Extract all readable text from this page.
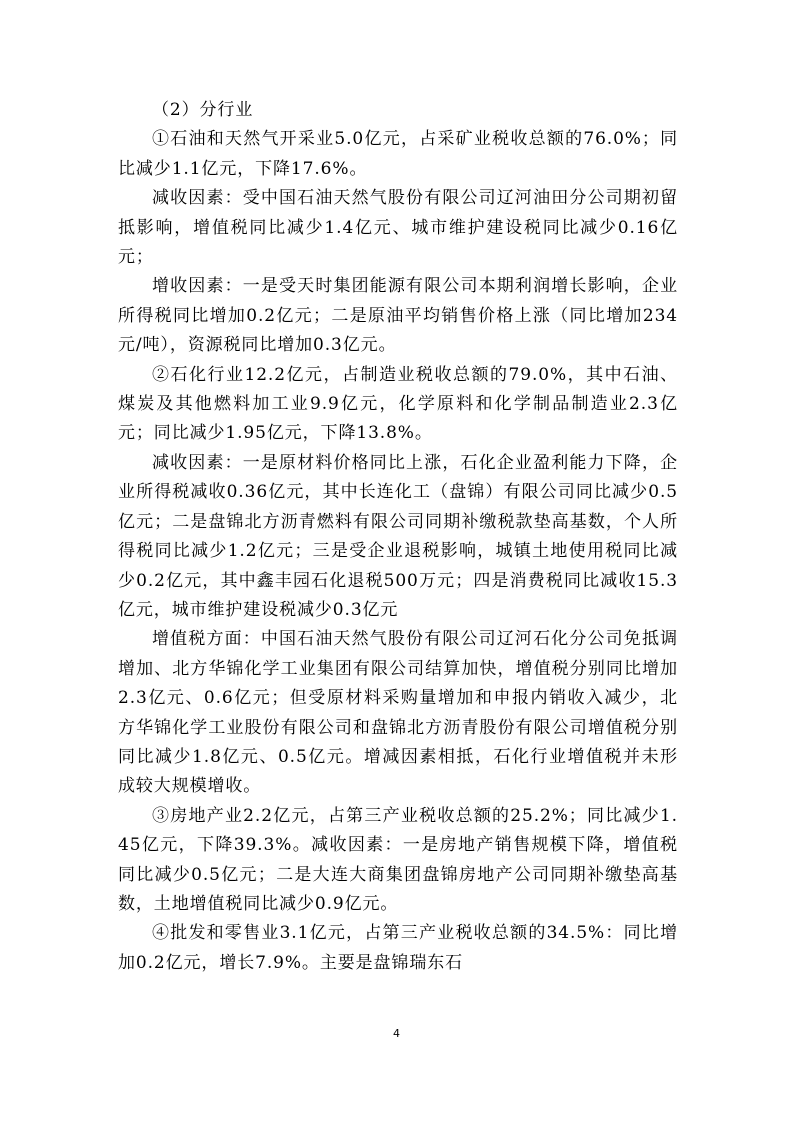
（2）分行业

①石油和天然气开采业5.0亿元，占采矿业税收总额的76.0%；同比减少1.1亿元，下降17.6%。

减收因素：受中国石油天然气股份有限公司辽河油田分公司期初留抵影响，增值税同比减少1.4亿元、城市维护建设税同比减少0.16亿元；

增收因素：一是受天时集团能源有限公司本期利润增长影响，企业所得税同比增加0.2亿元；二是原油平均销售价格上涨（同比增加234元/吨），资源税同比增加0.3亿元。

②石化行业12.2亿元，占制造业税收总额的79.0%，其中石油、煤炭及其他燃料加工业9.9亿元，化学原料和化学制品制造业2.3亿元；同比减少1.95亿元，下降13.8%。

减收因素：一是原材料价格同比上涨，石化企业盈利能力下降，企业所得税减收0.36亿元，其中长连化工（盘锦）有限公司同比减少0.5亿元；二是盘锦北方沥青燃料有限公司同期补缴税款垫高基数，个人所得税同比减少1.2亿元；三是受企业退税影响，城镇土地使用税同比减少0.2亿元，其中鑫丰园石化退税500万元；四是消费税同比减收15.3亿元，城市维护建设税减少0.3亿元

增值税方面：中国石油天然气股份有限公司辽河石化分公司免抵调增加、北方华锦化学工业集团有限公司结算加快，增值税分别同比增加2.3亿元、0.6亿元；但受原材料采购量增加和申报内销收入减少，北方华锦化学工业股份有限公司和盘锦北方沥青股份有限公司增值税分别同比减少1.8亿元、0.5亿元。增减因素相抵，石化行业增值税并未形成较大规模增收。

③房地产业2.2亿元，占第三产业税收总额的25.2%；同比减少1.45亿元，下降39.3%。减收因素：一是房地产销售规模下降，增值税同比减少0.5亿元；二是大连大商集团盘锦房地产公司同期补缴垫高基数，土地增值税同比减少0.9亿元。

④批发和零售业3.1亿元，占第三产业税收总额的34.5%：同比增加0.2亿元，增长7.9%。主要是盘锦瑞东石

4
